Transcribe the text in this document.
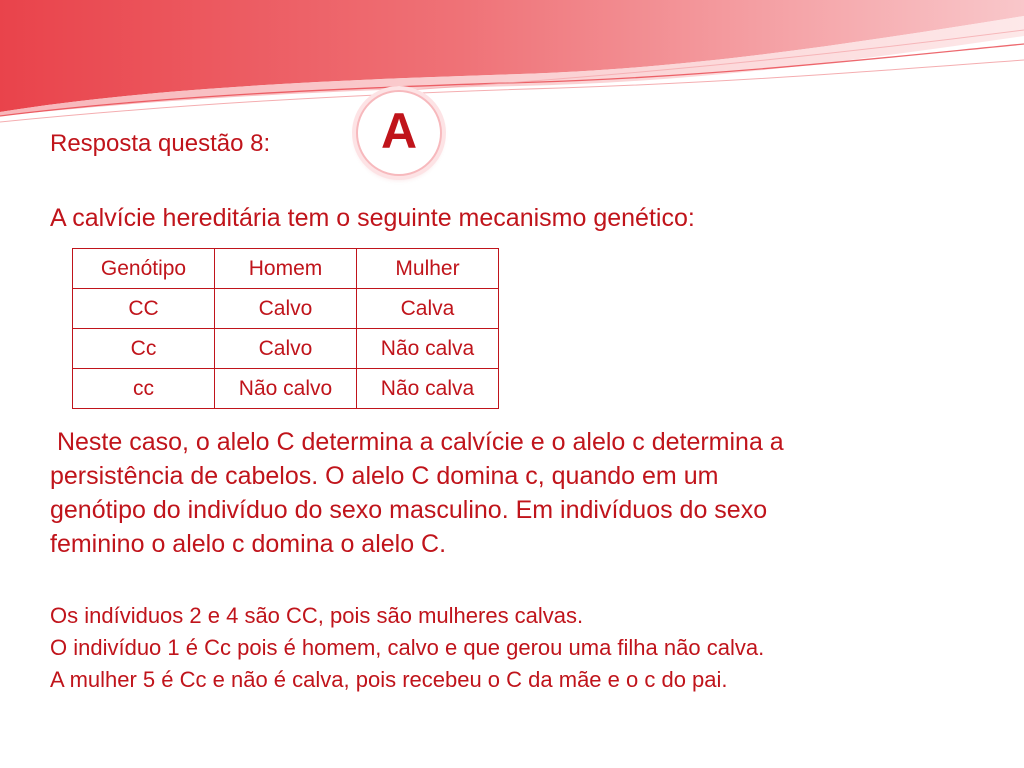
Resposta questão 8: A

A calvície hereditária tem o seguinte mecanismo genético:

Genótipo	Homem	Mulher
CC	Calvo	Calva
Cc	Calvo	Não calva
cc	Não calvo	Não calva

Neste caso, o alelo C determina a calvície e o alelo c determina a
persistência de cabelos. O alelo C domina c, quando em um
genótipo do indivíduo do sexo masculino. Em indivíduos do sexo
feminino o alelo c domina o alelo C.

Os indíviduos 2 e 4 são CC, pois são mulheres calvas.
O indivíduo 1 é Cc pois é homem, calvo e que gerou uma filha não calva.
A mulher 5 é Cc e não é calva, pois recebeu o C da mãe e o c do pai.
